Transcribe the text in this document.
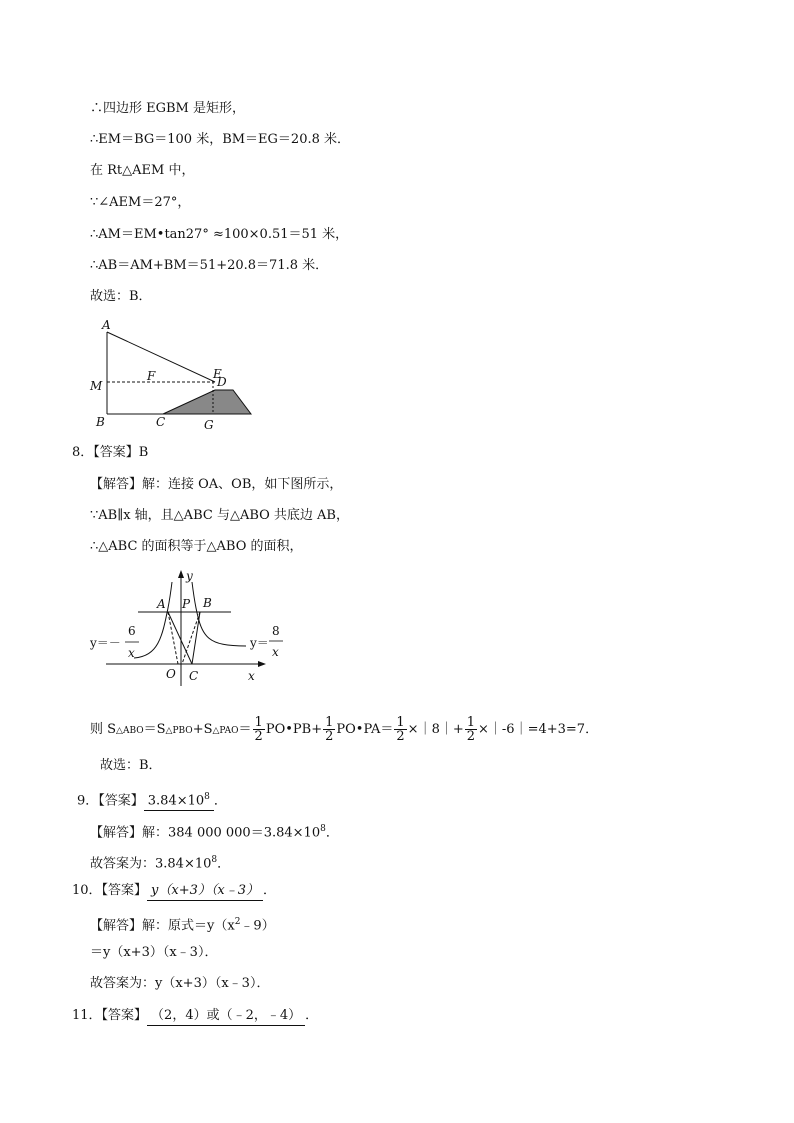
∴四边形 EGBM 是矩形，
∴EM＝BG＝100 米，BM＝EG＝20.8 米．
在 Rt△AEM 中，
∵∠AEM＝27°，
∴AM＝EM•tan27° ≈100×0.51＝51 米，
∴AB＝AM+BM＝51+20.8＝71.8 米．
故选：B．
A
M
B
F	E
D
C	G
8．【答案】B
【解答】解：连接 OA、OB，如下图所示，
∵AB∥x 轴，且△ABC 与△ABO 共底边 AB，
∴△ABC 的面积等于△ABO 的面积，
y
A P B
O C	x
y＝－
6
x
y＝
8
x
则 S△ABO＝S△PBO+S△PAO＝ $\frac{1}{2}$ PO•PB+ $\frac{1}{2}$ PO•PA＝ $\frac{1}{2}$ ×｜8｜+ $\frac{1}{2}$ ×｜-6｜=4+3=7．
故选：B．
9．【答案】 $3.84\times 10^8$ ．
【解答】解：384 000 $000=3.84\times 10^8$．
故答案为：$3.84\times 10^8$．
10．【答案】 y（x+3）（x﹣3） ．
【解答】解：原式$=y(x^2﹣9)$
＝y（x+3）（x﹣3）．
故答案为：y（x+3）（x﹣3）．
11．【答案】 （2，4）或（﹣2，﹣4） ．
